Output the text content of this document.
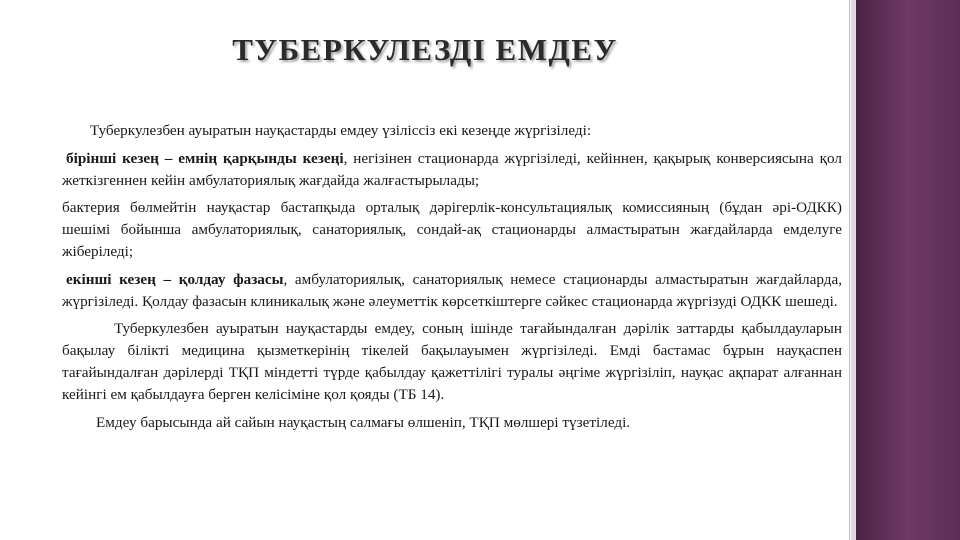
ТУБЕРКУЛЕЗДІ ЕМДЕУ

Туберкулезбен ауыратын науқастарды емдеу үзіліссіз екі кезеңде жүргізіледі:

бірінші кезең – емнің қарқынды кезеңі, негізінен стационарда жүргізіледі, кейіннен, қақырық конверсиясына қол жеткізгеннен кейін амбулаториялық жағдайда жалғастырылады;

бактерия бөлмейтін науқастар бастапқыда орталық дәрігерлік-консультациялық комиссияның (бұдан әрі-ОДКК) шешімі бойынша амбулаториялық, санаториялық, сондай-ақ стационарды алмастыратын жағдайларда емделуге жіберіледі;

екінші кезең – қолдау фазасы, амбулаториялық, санаториялық немесе стационарды алмастыратын жағдайларда, жүргізіледі. Қолдау фазасын клиникалық және әлеуметтік көрсеткіштерге сәйкес стационарда жүргізуді ОДКК шешеді.

Туберкулезбен ауыратын науқастарды емдеу, соның ішінде тағайындалған дәрілік заттарды қабылдауларын бақылау білікті медицина қызметкерінің тікелей бақылауымен жүргізіледі. Емді бастамас бұрын науқаспен тағайындалған дәрілерді ТҚП міндетті түрде қабылдау қажеттілігі туралы әңгіме жүргізіліп, науқас ақпарат алғаннан кейінгі ем қабылдауға берген келісіміне қол қояды (ТБ 14).

Емдеу барысында ай сайын науқастың салмағы өлшеніп, ТҚП мөлшері түзетіледі.
